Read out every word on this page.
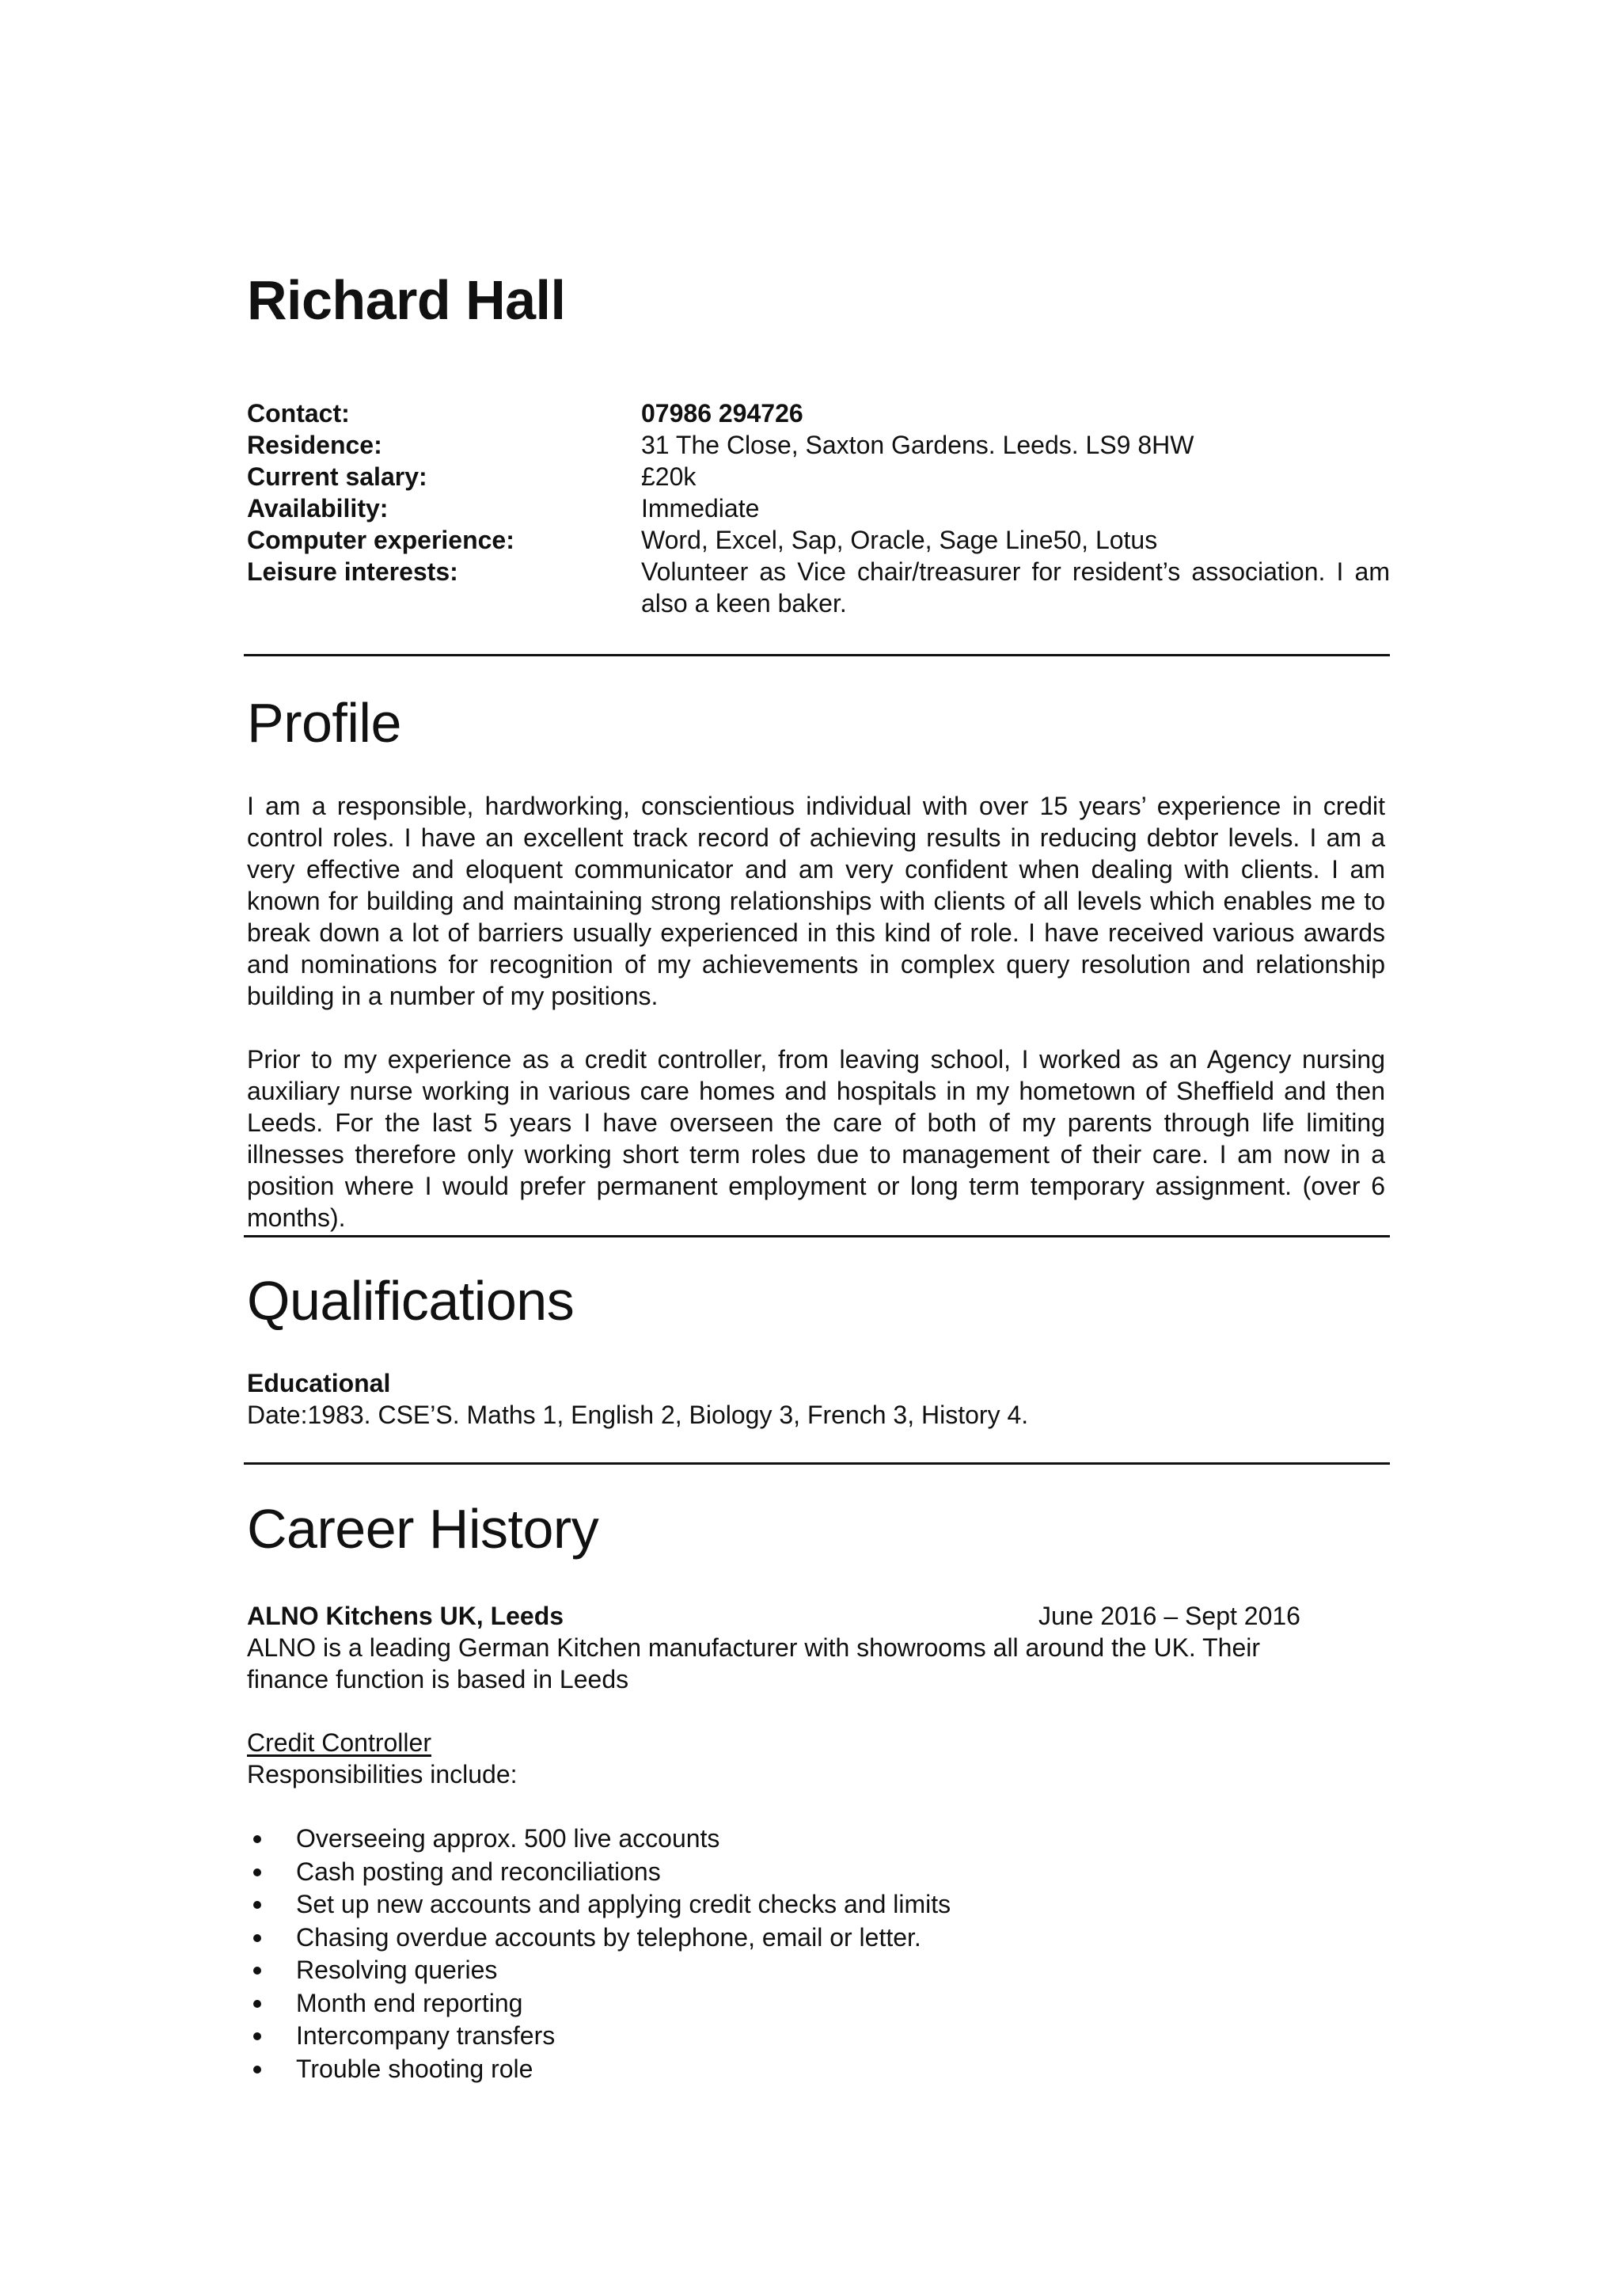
Richard Hall
Contact:	07986 294726
Residence:	31 The Close, Saxton Gardens. Leeds. LS9 8HW
Current salary:	£20k
Availability:	Immediate
Computer experience:	Word, Excel, Sap, Oracle, Sage Line50, Lotus
Leisure interests:	Volunteer as Vice chair/treasurer for resident’s association. I am also a keen baker.
Profile

I am a responsible, hardworking, conscientious individual with over 15 years’ experience in credit control roles. I have an excellent track record of achieving results in reducing debtor levels. I am a very effective and eloquent communicator and am very confident when dealing with clients. I am known for building and maintaining strong relationships with clients of all levels which enables me to break down a lot of barriers usually experienced in this kind of role. I have received various awards and nominations for recognition of my achievements in complex query resolution and relationship building in a number of my positions.

Prior to my experience as a credit controller, from leaving school, I worked as an Agency nursing auxiliary nurse working in various care homes and hospitals in my hometown of Sheffield and then Leeds. For the last 5 years I have overseen the care of both of my parents through life limiting illnesses therefore only working short term roles due to management of their care. I am now in a position where I would prefer permanent employment or long term temporary assignment. (over 6 months).

Qualifications
Educational
Date:1983. CSE’S. Maths 1, English 2, Biology 3, French 3, History 4.
Career History
ALNO Kitchens UK, Leeds	June 2016 – Sept 2016
ALNO is a leading German Kitchen manufacturer with showrooms all around the UK. Their finance function is based in Leeds
Credit Controller
Responsibilities include:
Overseeing approx. 500 live accounts
Cash posting and reconciliations
Set up new accounts and applying credit checks and limits
Chasing overdue accounts by telephone, email or letter.
Resolving queries
Month end reporting
Intercompany transfers
Trouble shooting role
